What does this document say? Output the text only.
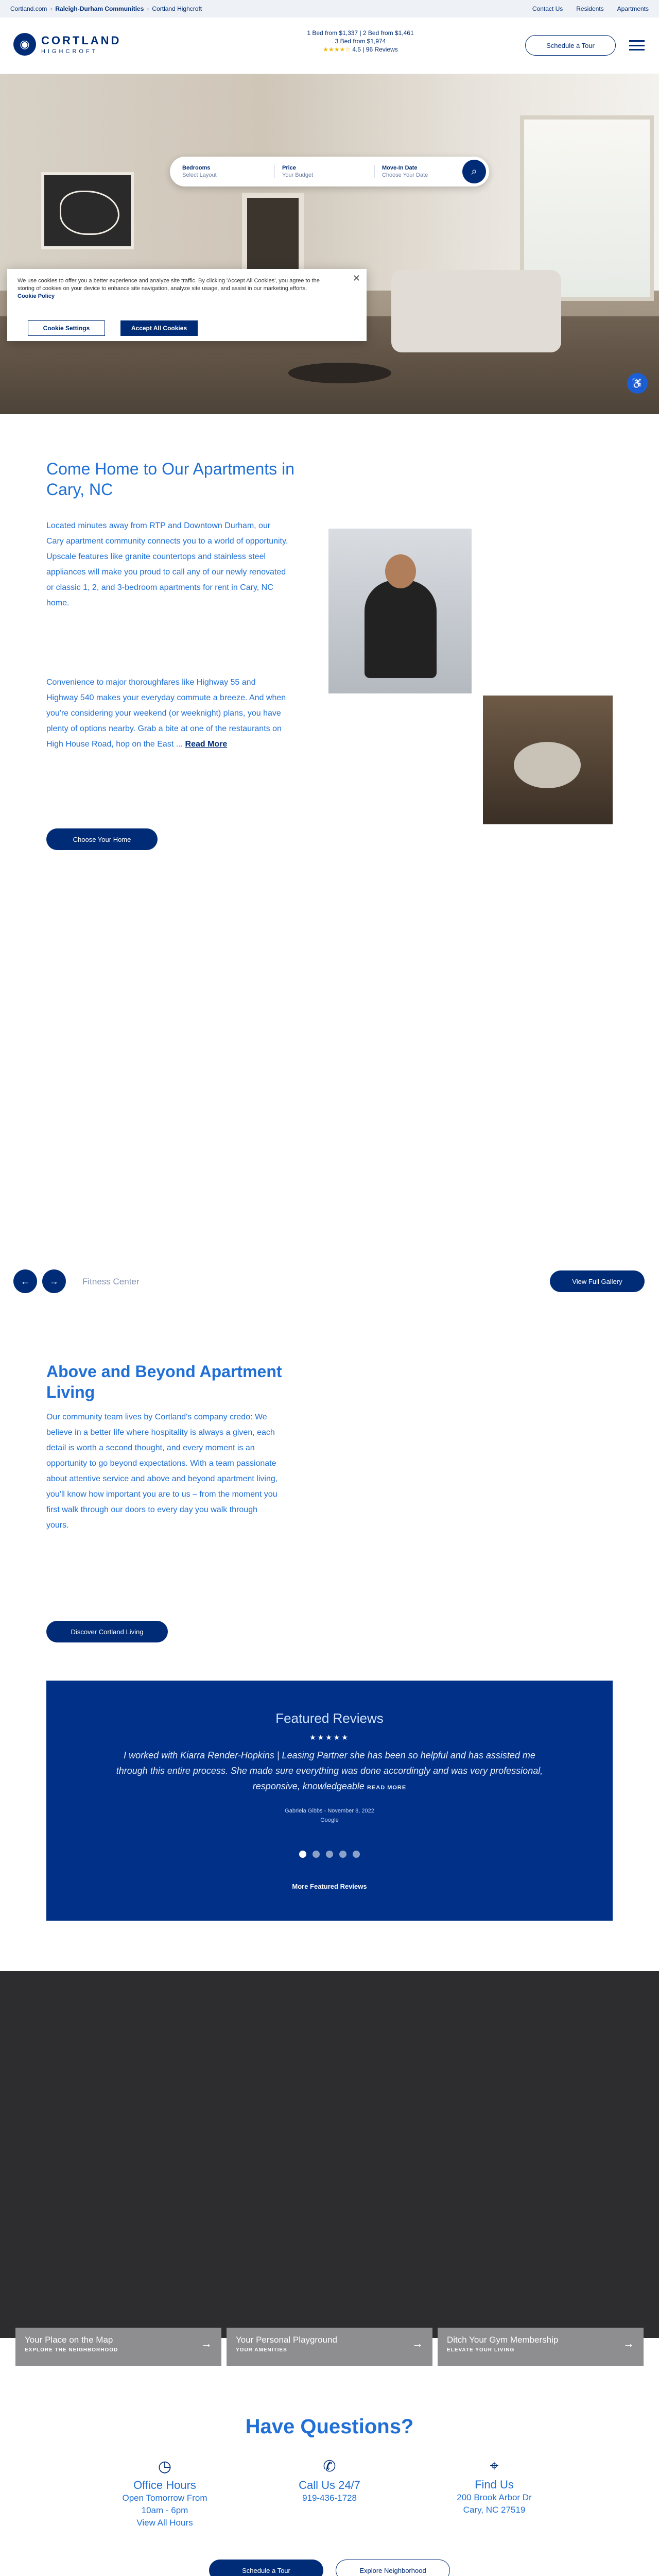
Cortland.com › Raleigh-Durham Communities › Cortland Highcroft	Contact Us Residents Apartments
◉	CORTLAND
HIGHCROFT
1 Bed from $1,337 | 2 Bed from $1,461
3 Bed from $1,974
★★★★☆ 4.5 | 96 Reviews
Schedule a Tour
Bedrooms
Select Layout
Price
Your Budget
Move-In Date
Choose Your Date	⌕
♿
✕
We use cookies to offer you a better experience and analyze site traffic. By clicking 'Accept All Cookies', you agree to the storing of cookies on your device to enhance site navigation, analyze site usage, and assist in our marketing efforts. Cookie Policy
Cookie Settings	Accept All Cookies
Come Home to Our Apartments in Cary, NC

Located minutes away from RTP and Downtown Durham, our Cary apartment community connects you to a world of opportunity. Upscale features like granite countertops and stainless steel appliances will make you proud to call any of our newly renovated or classic 1, 2, and 3-bedroom apartments for rent in Cary, NC home.

Convenience to major thoroughfares like Highway 55 and Highway 540 makes your everyday commute a breeze. And when you're considering your weekend (or weeknight) plans, you have plenty of options nearby. Grab a bite at one of the restaurants on High House Road, hop on the East ... Read More

Choose Your Home
←	→	Fitness Center	View Full Gallery
Above and Beyond Apartment Living

Our community team lives by Cortland's company credo: We believe in a better life where hospitality is always a given, each detail is worth a second thought, and every moment is an opportunity to go beyond expectations. With a team passionate about attentive service and above and beyond apartment living, you'll know how important you are to us – from the moment you first walk through our doors to every day you walk through yours.

Discover Cortland Living
Featured Reviews
★★★★★
I worked with Kiarra Render-Hopkins | Leasing Partner she has been so helpful and has assisted me through this entire process. She made sure everything was done accordingly and was very professional, responsive, knowledgeable READ MORE
Gabriela Gibbs - November 8, 2022
Google
More Featured Reviews
Your Place on the Map
EXPLORE THE NEIGHBORHOOD
→	Your Personal Playground
YOUR AMENITIES
→	Ditch Your Gym Membership
ELEVATE YOUR LIVING
→
Have Questions?
◷
Office Hours
Open Tomorrow From
10am - 6pm
View All Hours
✆
Call Us 24/7
919-436-1728
⌖
Find Us
200 Brook Arbor Dr
Cary, NC 27519
Schedule a Tour	Explore Neighborhood
